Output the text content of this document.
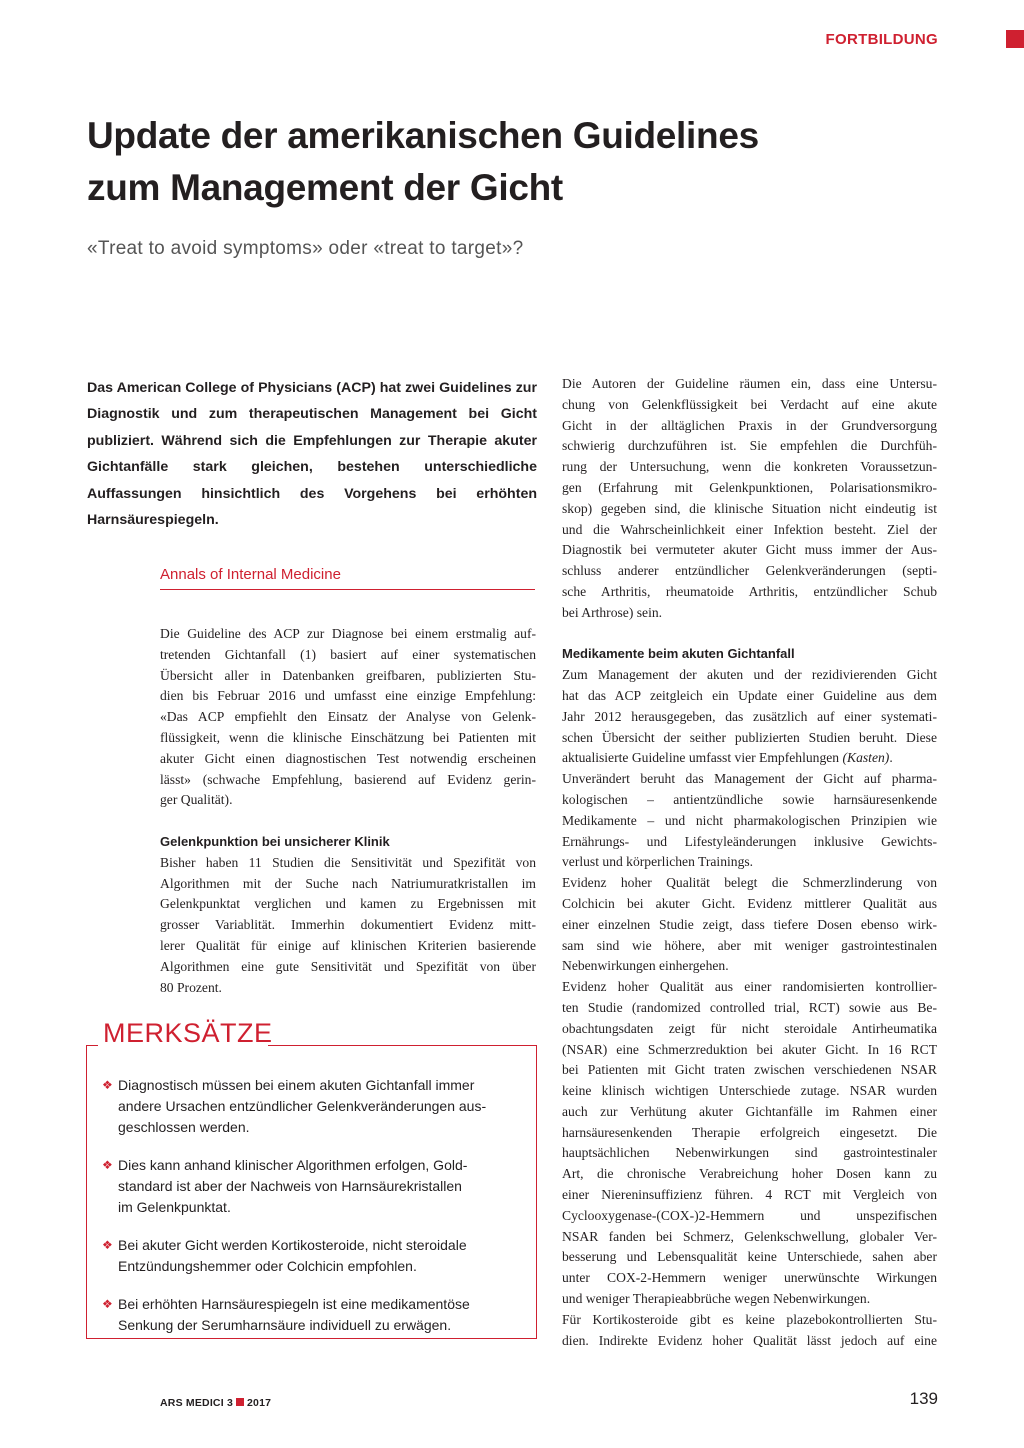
FORTBILDUNG
Update der amerikanischen Guidelines
zum Management der Gicht
«Treat to avoid symptoms» oder «treat to target»?
Das American College of Physicians (ACP) hat zwei Guidelines zur Diagnostik und zum therapeutischen Management bei Gicht publiziert. Während sich die Empfehlungen zur Therapie akuter Gichtanfälle stark gleichen, bestehen unterschiedliche Auffassungen hinsichtlich des Vorgehens bei erhöhten Harnsäurespiegeln.
Annals of Internal Medicine
Die Guideline des ACP zur Diagnose bei einem erstmalig auf-
tretenden Gichtanfall (1) basiert auf einer systematischen
Übersicht aller in Datenbanken greifbaren, publizierten Stu-
dien bis Februar 2016 und umfasst eine einzige Empfehlung:
«Das ACP empfiehlt den Einsatz der Analyse von Gelenk-
flüssigkeit, wenn die klinische Einschätzung bei Patienten mit
akuter Gicht einen diagnostischen Test notwendig erscheinen
lässt» (schwache Empfehlung, basierend auf Evidenz gerin-
ger Qualität).
Gelenkpunktion bei unsicherer Klinik
Bisher haben 11 Studien die Sensitivität und Spezifität von
Algorithmen mit der Suche nach Natriumuratkristallen im
Gelenkpunktat verglichen und kamen zu Ergebnissen mit
grosser Variablität. Immerhin dokumentiert Evidenz mitt-
lerer Qualität für einige auf klinischen Kriterien basierende
Algorithmen eine gute Sensitivität und Spezifität von über
80 Prozent.
MERKSÄTZE
❖ Diagnostisch müssen bei einem akuten Gichtanfall immer
andere Ursachen entzündlicher Gelenkveränderungen aus-
geschlossen werden.
❖ Dies kann anhand klinischer Algorithmen erfolgen, Gold-
standard ist aber der Nachweis von Harnsäurekristallen
im Gelenkpunktat.
❖ Bei akuter Gicht werden Kortikosteroide, nicht steroidale
Entzündungshemmer oder Colchicin empfohlen.
❖ Bei erhöhten Harnsäurespiegeln ist eine medikamentöse
Senkung der Serumharnsäure individuell zu erwägen.
Die Autoren der Guideline räumen ein, dass eine Untersu-
chung von Gelenkflüssigkeit bei Verdacht auf eine akute
Gicht in der alltäglichen Praxis in der Grundversorgung
schwierig durchzuführen ist. Sie empfehlen die Durchfüh-
rung der Untersuchung, wenn die konkreten Voraussetzun-
gen (Erfahrung mit Gelenkpunktionen, Polarisationsmikro-
skop) gegeben sind, die klinische Situation nicht eindeutig ist
und die Wahrscheinlichkeit einer Infektion besteht. Ziel der
Diagnostik bei vermuteter akuter Gicht muss immer der Aus-
schluss anderer entzündlicher Gelenkveränderungen (septi-
sche Arthritis, rheumatoide Arthritis, entzündlicher Schub
bei Arthrose) sein.
Medikamente beim akuten Gichtanfall
Zum Management der akuten und der rezidivierenden Gicht
hat das ACP zeitgleich ein Update einer Guideline aus dem
Jahr 2012 herausgegeben, das zusätzlich auf einer systemati-
schen Übersicht der seither publizierten Studien beruht. Diese
aktualisierte Guideline umfasst vier Empfehlungen (Kasten).
Unverändert beruht das Management der Gicht auf pharma-
kologischen – antientzündliche sowie harnsäuresenkende
Medikamente – und nicht pharmakologischen Prinzipien wie
Ernährungs- und Lifestyleänderungen inklusive Gewichts-
verlust und körperlichen Trainings.
Evidenz hoher Qualität belegt die Schmerzlinderung von
Colchicin bei akuter Gicht. Evidenz mittlerer Qualität aus
einer einzelnen Studie zeigt, dass tiefere Dosen ebenso wirk-
sam sind wie höhere, aber mit weniger gastrointestinalen
Nebenwirkungen einhergehen.
Evidenz hoher Qualität aus einer randomisierten kontrollier-
ten Studie (randomized controlled trial, RCT) sowie aus Be-
obachtungsdaten zeigt für nicht steroidale Antirheumatika
(NSAR) eine Schmerzreduktion bei akuter Gicht. In 16 RCT
bei Patienten mit Gicht traten zwischen verschiedenen NSAR
keine klinisch wichtigen Unterschiede zutage. NSAR wurden
auch zur Verhütung akuter Gichtanfälle im Rahmen einer
harnsäuresenkenden Therapie erfolgreich eingesetzt. Die
hauptsächlichen Nebenwirkungen sind gastrointestinaler
Art, die chronische Verabreichung hoher Dosen kann zu
einer Niereninsuffizienz führen. 4 RCT mit Vergleich von
Cyclooxygenase-(COX-)2-Hemmern und unspezifischen
NSAR fanden bei Schmerz, Gelenkschwellung, globaler Ver-
besserung und Lebensqualität keine Unterschiede, sahen aber
unter COX-2-Hemmern weniger unerwünschte Wirkungen
und weniger Therapieabbrüche wegen Nebenwirkungen.
Für Kortikosteroide gibt es keine plazebokontrollierten Stu-
dien. Indirekte Evidenz hoher Qualität lässt jedoch auf eine
ARS MEDICI 3 2017	139
